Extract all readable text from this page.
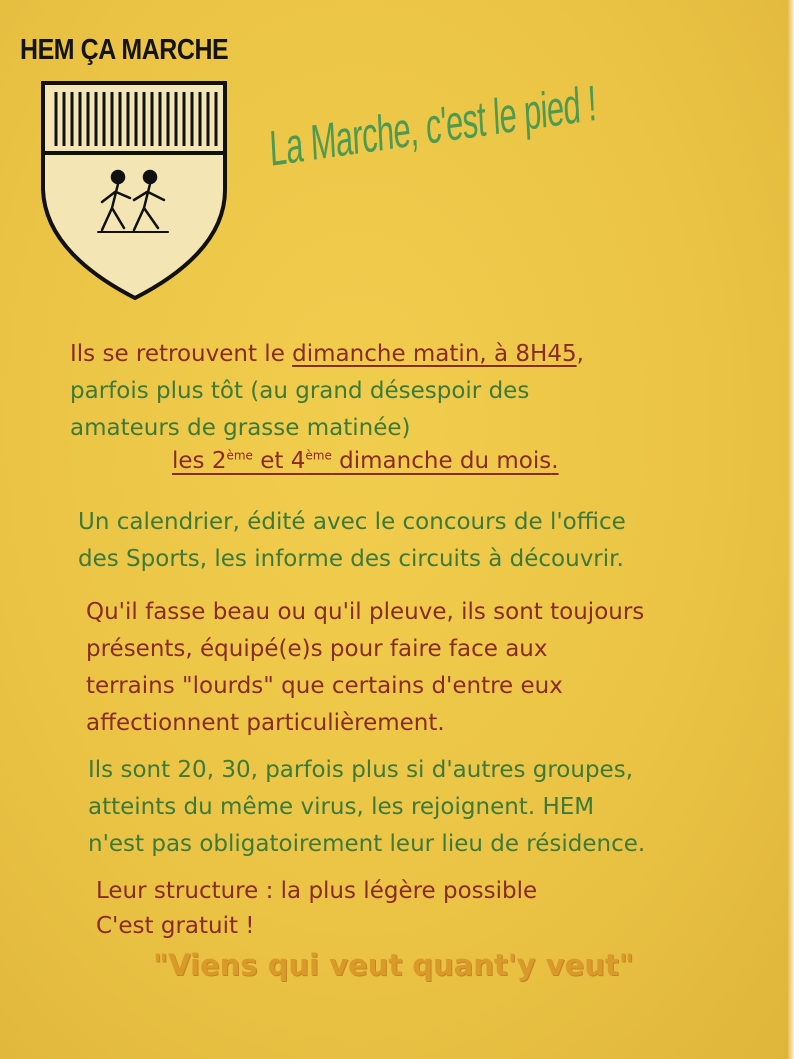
HEM ÇA MARCHE
La Marche, c'est le pied !

Ils se retrouvent le dimanche matin, à 8H45,
parfois plus tôt (au grand désespoir des
amateurs de grasse matinée)

les 2ème et 4ème dimanche du mois.

Un calendrier, édité avec le concours de l'office
des Sports, les informe des circuits à découvrir.

Qu'il fasse beau ou qu'il pleuve, ils sont toujours
présents, équipé(e)s pour faire face aux
terrains "lourds" que certains d'entre eux
affectionnent particulièrement.

Ils sont 20, 30, parfois plus si d'autres groupes,
atteints du même virus, les rejoignent. HEM
n'est pas obligatoirement leur lieu de résidence.

Leur structure : la plus légère possible
C'est gratuit !

"Viens qui veut quant'y veut"
